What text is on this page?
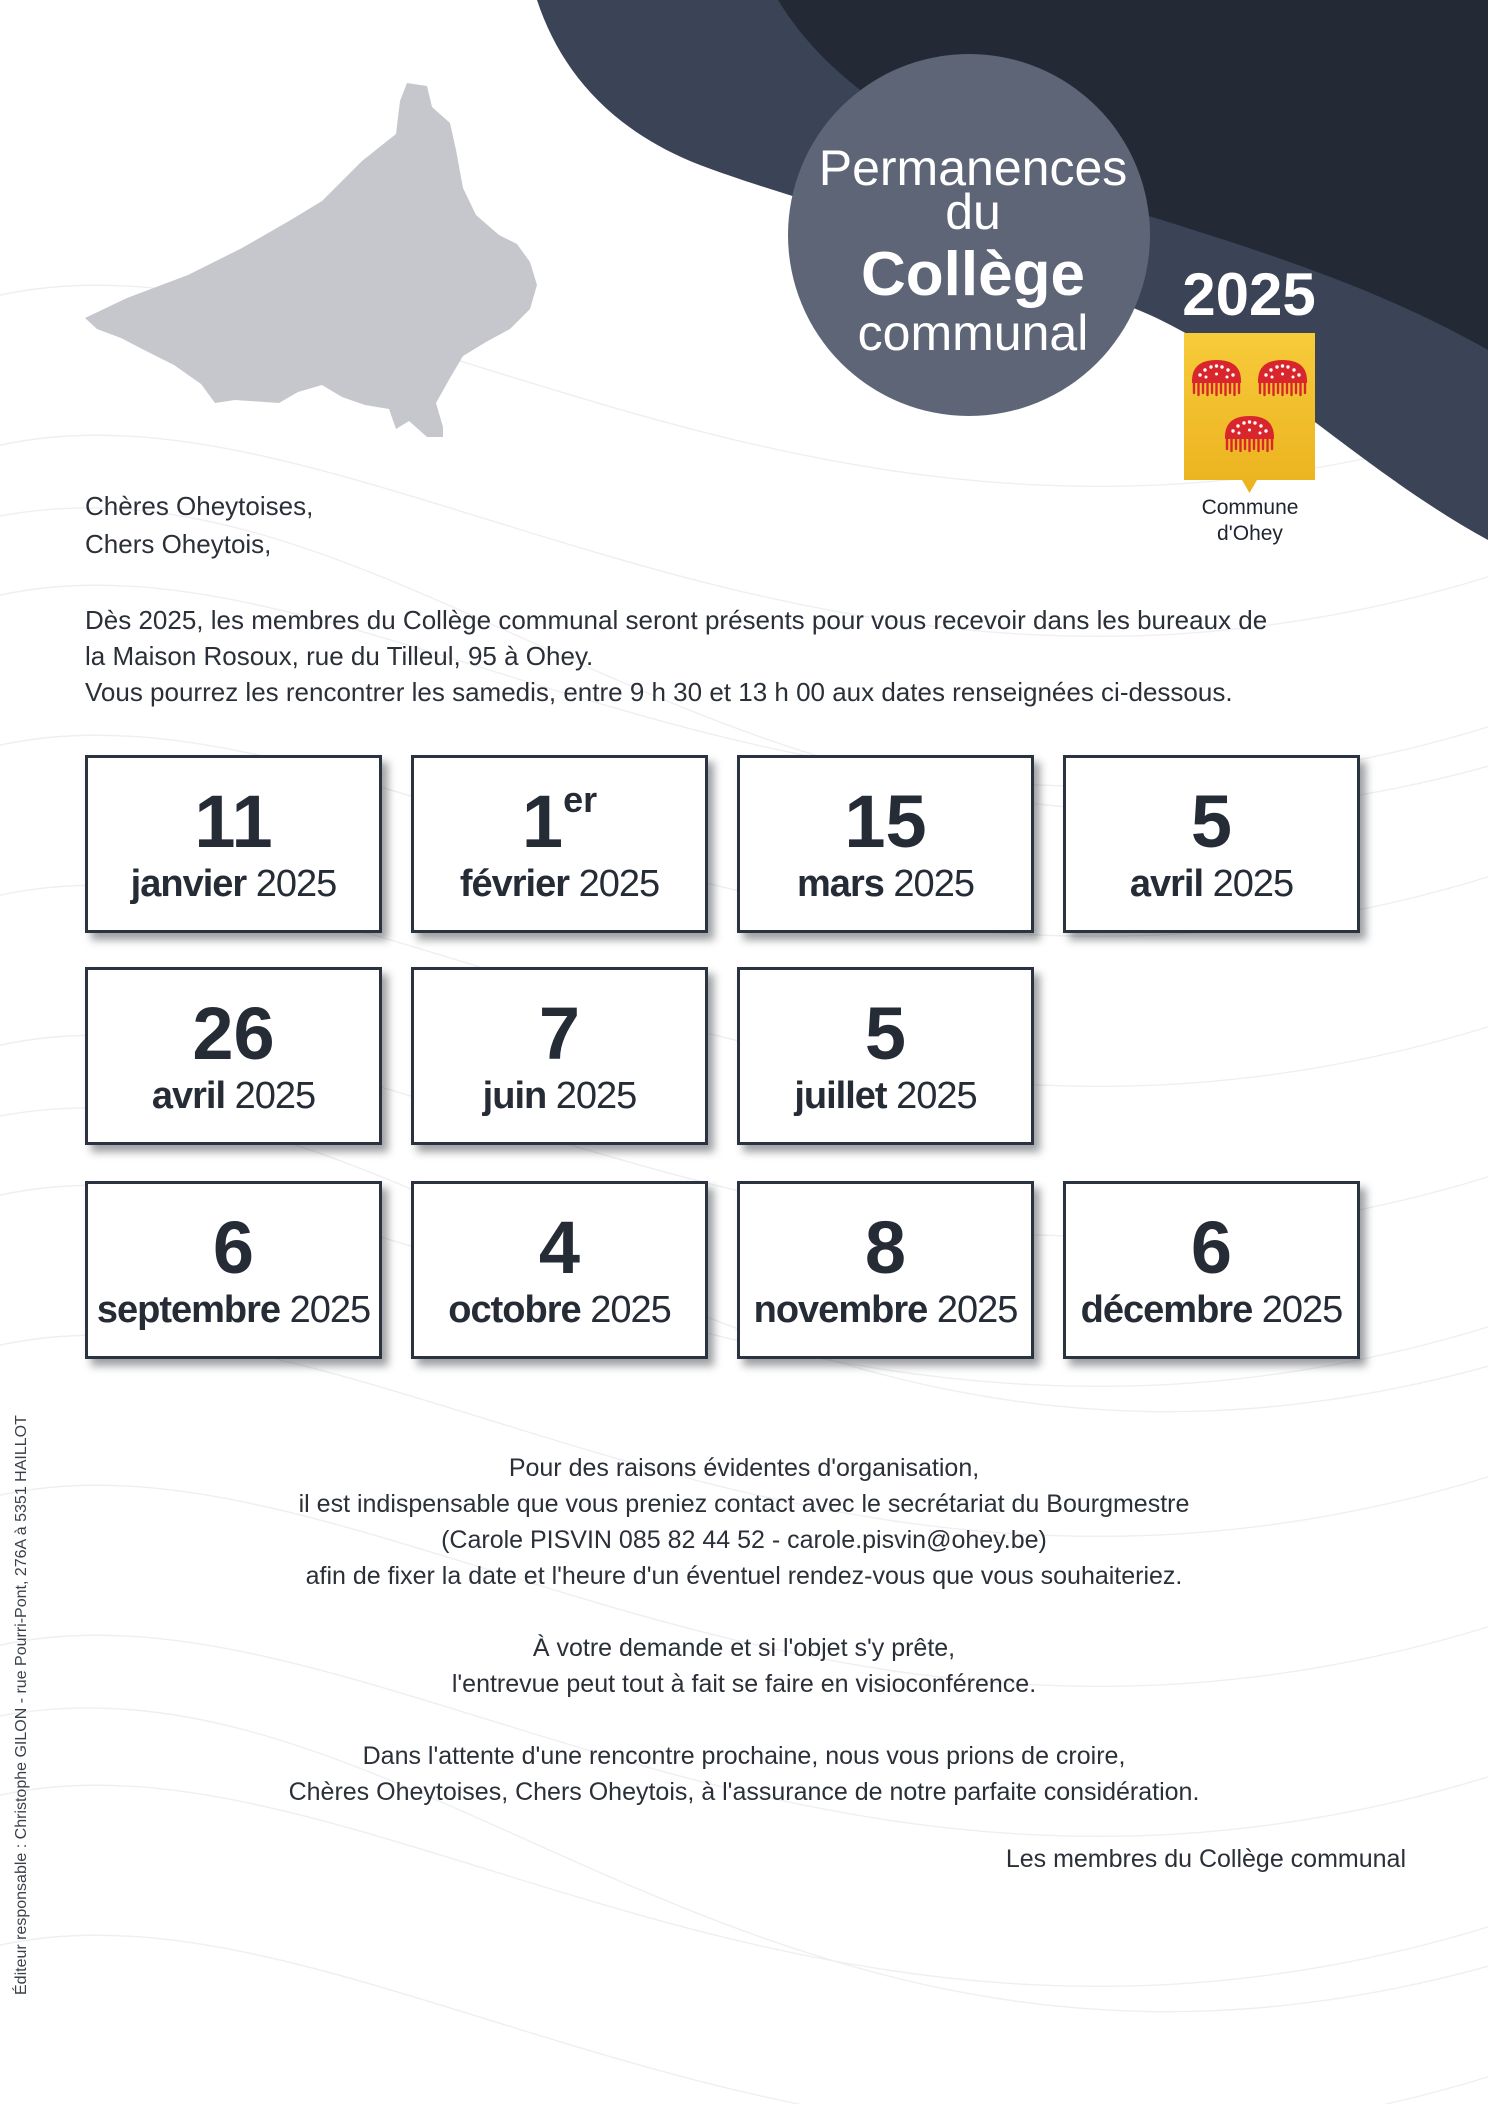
Permanences
du
Collège
communal
2025
Commune
d'Ohey
Chères Oheytoises,
Chers Oheytois,
Dès 2025, les membres du Collège communal seront présents pour vous recevoir dans les bureaux de
la Maison Rosoux, rue du Tilleul, 95 à Ohey.
Vous pourrez les rencontrer les samedis, entre 9 h 30 et 13 h 00 aux dates renseignées ci-dessous.
11
janvier 2025
1er
février 2025
15
mars 2025
5
avril 2025
26
avril 2025
7
juin 2025
5
juillet 2025
6
septembre 2025
4
octobre 2025
8
novembre 2025
6
décembre 2025
Pour des raisons évidentes d'organisation,
il est indispensable que vous preniez contact avec le secrétariat du Bourgmestre
(Carole PISVIN 085 82 44 52 - carole.pisvin@ohey.be)
afin de fixer la date et l'heure d'un éventuel rendez-vous que vous souhaiteriez.
À votre demande et si l'objet s'y prête,
l'entrevue peut tout à fait se faire en visioconférence.
Dans l'attente d'une rencontre prochaine, nous vous prions de croire,
Chères Oheytoises, Chers Oheytois, à l'assurance de notre parfaite considération.
Les membres du Collège communal
Éditeur responsable : Christophe GILON - rue Pourri-Pont, 276A à 5351 HAILLOT
